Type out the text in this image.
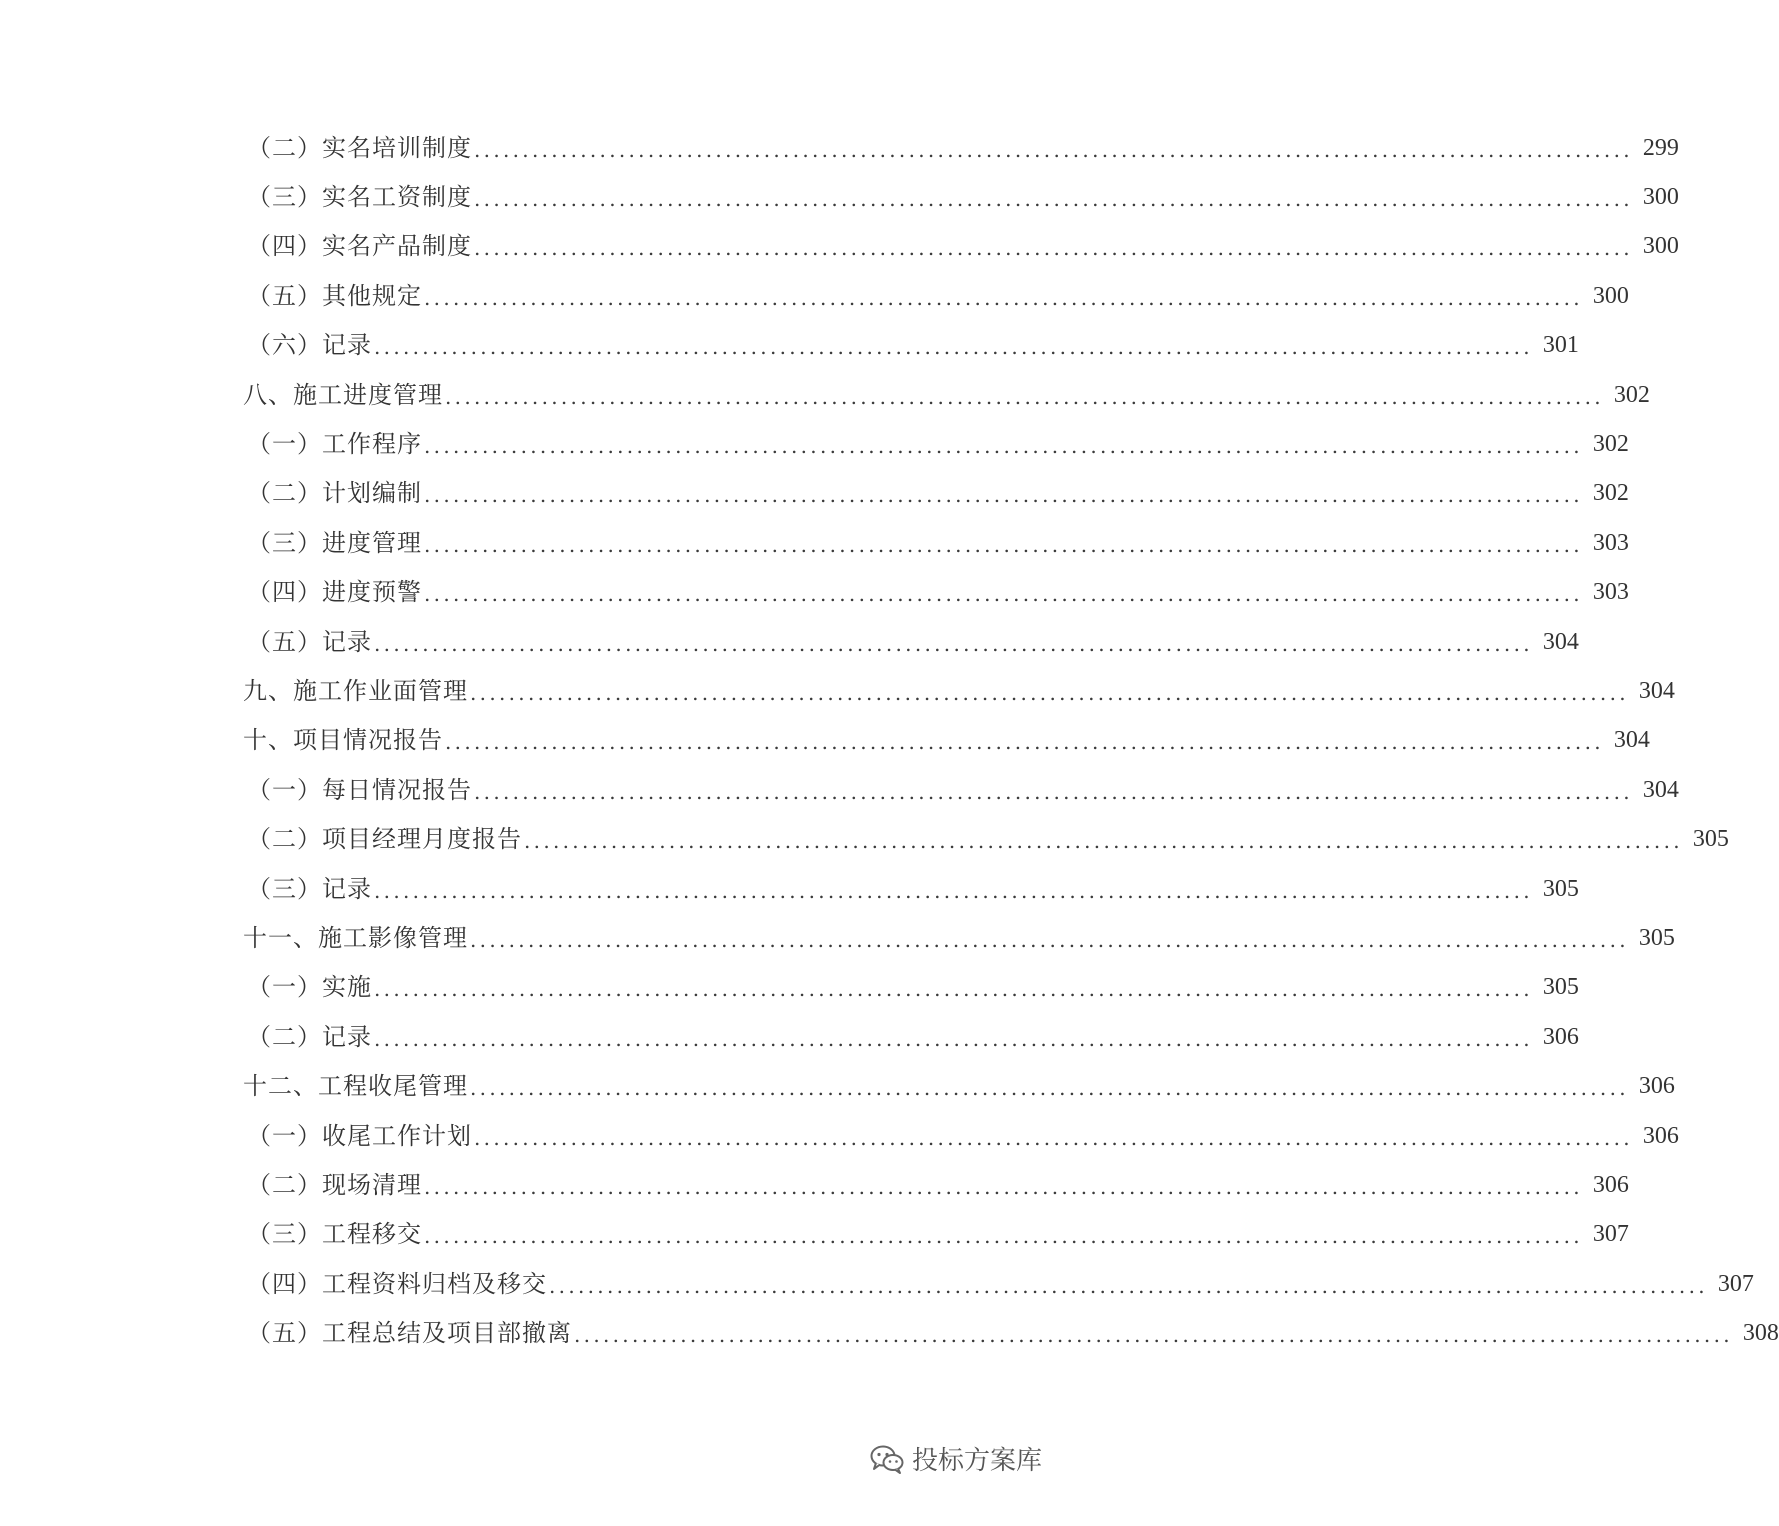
（二）实名培训制度 ........................................................................................................................ 299
（三）实名工资制度 ........................................................................................................................ 300
（四）实名产品制度 ........................................................................................................................ 300
（五）其他规定 ........................................................................................................................ 300
（六）记录 ........................................................................................................................ 301
八、施工进度管理 ........................................................................................................................ 302
（一）工作程序 ........................................................................................................................ 302
（二）计划编制 ........................................................................................................................ 302
（三）进度管理 ........................................................................................................................ 303
（四）进度预警 ........................................................................................................................ 303
（五）记录 ........................................................................................................................ 304
九、施工作业面管理 ........................................................................................................................ 304
十、项目情况报告 ........................................................................................................................ 304
（一）每日情况报告 ........................................................................................................................ 304
（二）项目经理月度报告 ........................................................................................................................ 305
（三）记录 ........................................................................................................................ 305
十一、施工影像管理 ........................................................................................................................ 305
（一）实施 ........................................................................................................................ 305
（二）记录 ........................................................................................................................ 306
十二、工程收尾管理 ........................................................................................................................ 306
（一）收尾工作计划 ........................................................................................................................ 306
（二）现场清理 ........................................................................................................................ 306
（三）工程移交 ........................................................................................................................ 307
（四）工程资料归档及移交 ........................................................................................................................ 307
（五）工程总结及项目部撤离 ........................................................................................................................ 308
投标方案库
